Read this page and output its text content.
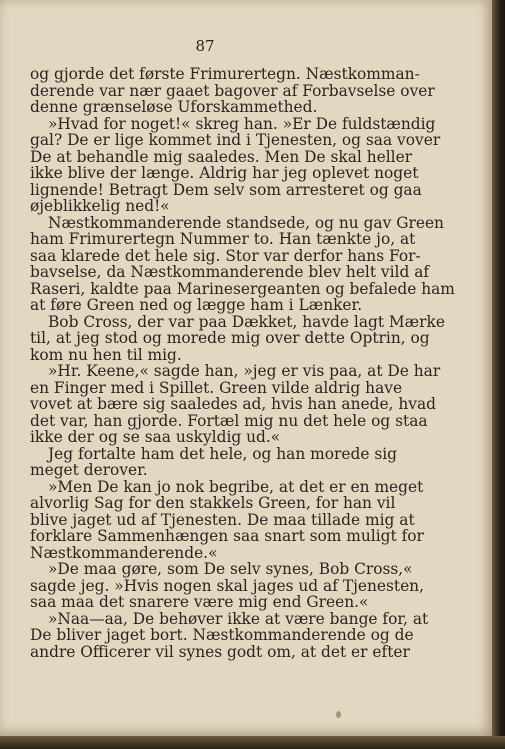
87
og gjorde det første Frimurertegn. Næstkomman-
derende var nær gaaet bagover af Forbavselse over
denne grænseløse Uforskammethed.
»Hvad for noget!« skreg han. »Er De fuldstændig
gal? De er lige kommet ind i Tjenesten, og saa vover
De at behandle mig saaledes. Men De skal heller
ikke blive der længe. Aldrig har jeg oplevet noget
lignende! Betragt Dem selv som arresteret og gaa
øjeblikkelig ned!«
Næstkommanderende standsede, og nu gav Green
ham Frimurertegn Nummer to. Han tænkte jo, at
saa klarede det hele sig. Stor var derfor hans For-
bavselse, da Næstkommanderende blev helt vild af
Raseri, kaldte paa Marinesergeanten og befalede ham
at føre Green ned og lægge ham i Lænker.
Bob Cross, der var paa Dækket, havde lagt Mærke
til, at jeg stod og morede mig over dette Optrin, og
kom nu hen til mig.
»Hr. Keene,« sagde han, »jeg er vis paa, at De har
en Finger med i Spillet. Green vilde aldrig have
vovet at bære sig saaledes ad, hvis han anede, hvad
det var, han gjorde. Fortæl mig nu det hele og staa
ikke der og se saa uskyldig ud.«
Jeg fortalte ham det hele, og han morede sig
meget derover.
»Men De kan jo nok begribe, at det er en meget
alvorlig Sag for den stakkels Green, for han vil
blive jaget ud af Tjenesten. De maa tillade mig at
forklare Sammenhængen saa snart som muligt for
Næstkommanderende.«
»De maa gøre, som De selv synes, Bob Cross,«
sagde jeg. »Hvis nogen skal jages ud af Tjenesten,
saa maa det snarere være mig end Green.«
»Naa—aa, De behøver ikke at være bange for, at
De bliver jaget bort. Næstkommanderende og de
andre Officerer vil synes godt om, at det er efter
